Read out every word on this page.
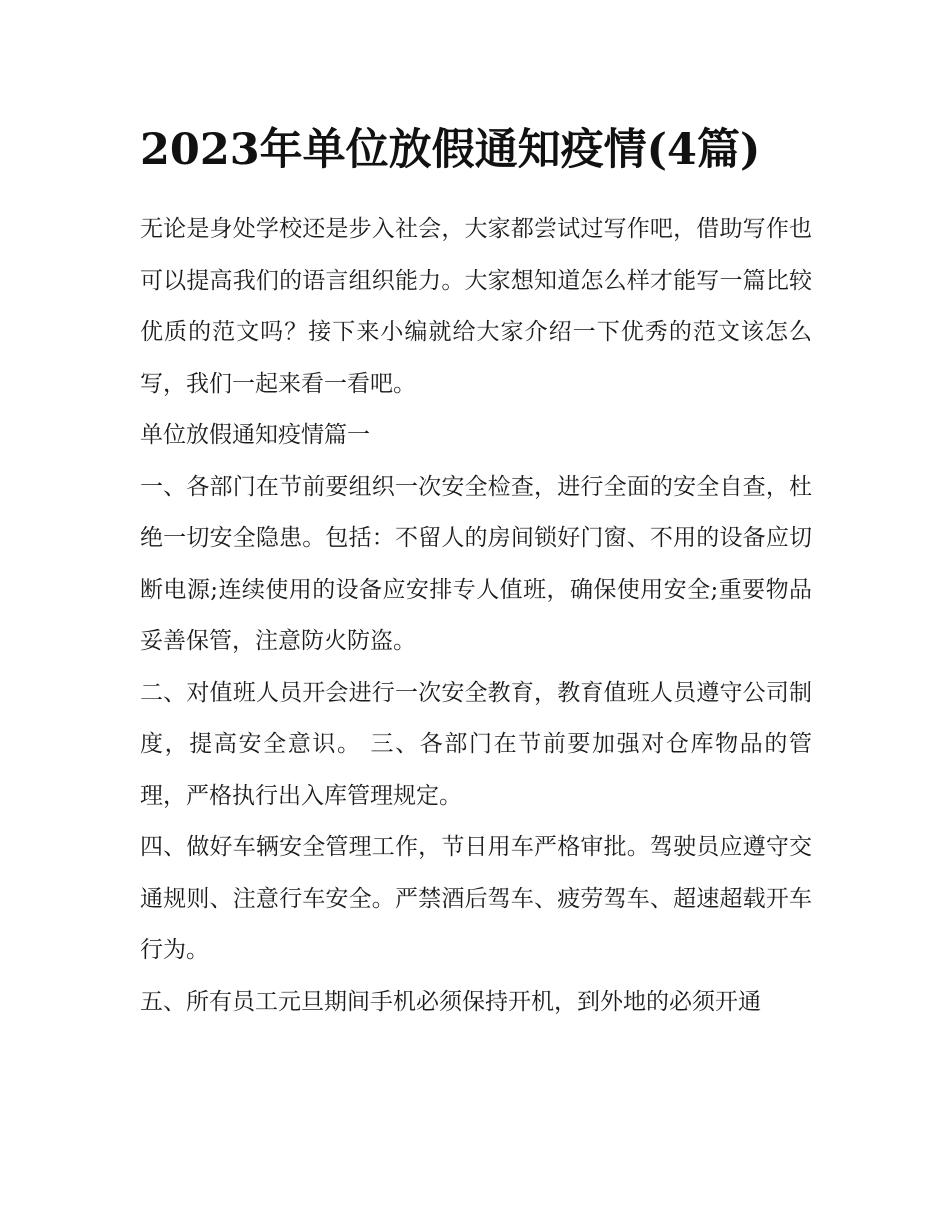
2023年单位放假通知疫情(4篇)

无论是身处学校还是步入社会，大家都尝试过写作吧，借助写作也可以提高我们的语言组织能力。大家想知道怎么样才能写一篇比较优质的范文吗？接下来小编就给大家介绍一下优秀的范文该怎么写，我们一起来看一看吧。

单位放假通知疫情篇一

一、各部门在节前要组织一次安全检查，进行全面的安全自查，杜绝一切安全隐患。包括：不留人的房间锁好门窗、不用的设备应切断电源;连续使用的设备应安排专人值班，确保使用安全;重要物品妥善保管，注意防火防盗。

二、对值班人员开会进行一次安全教育，教育值班人员遵守公司制度，提高安全意识。 三、各部门在节前要加强对仓库物品的管理，严格执行出入库管理规定。

四、做好车辆安全管理工作，节日用车严格审批。驾驶员应遵守交通规则、注意行车安全。严禁酒后驾车、疲劳驾车、超速超载开车行为。

五、所有员工元旦期间手机必须保持开机，到外地的必须开通
